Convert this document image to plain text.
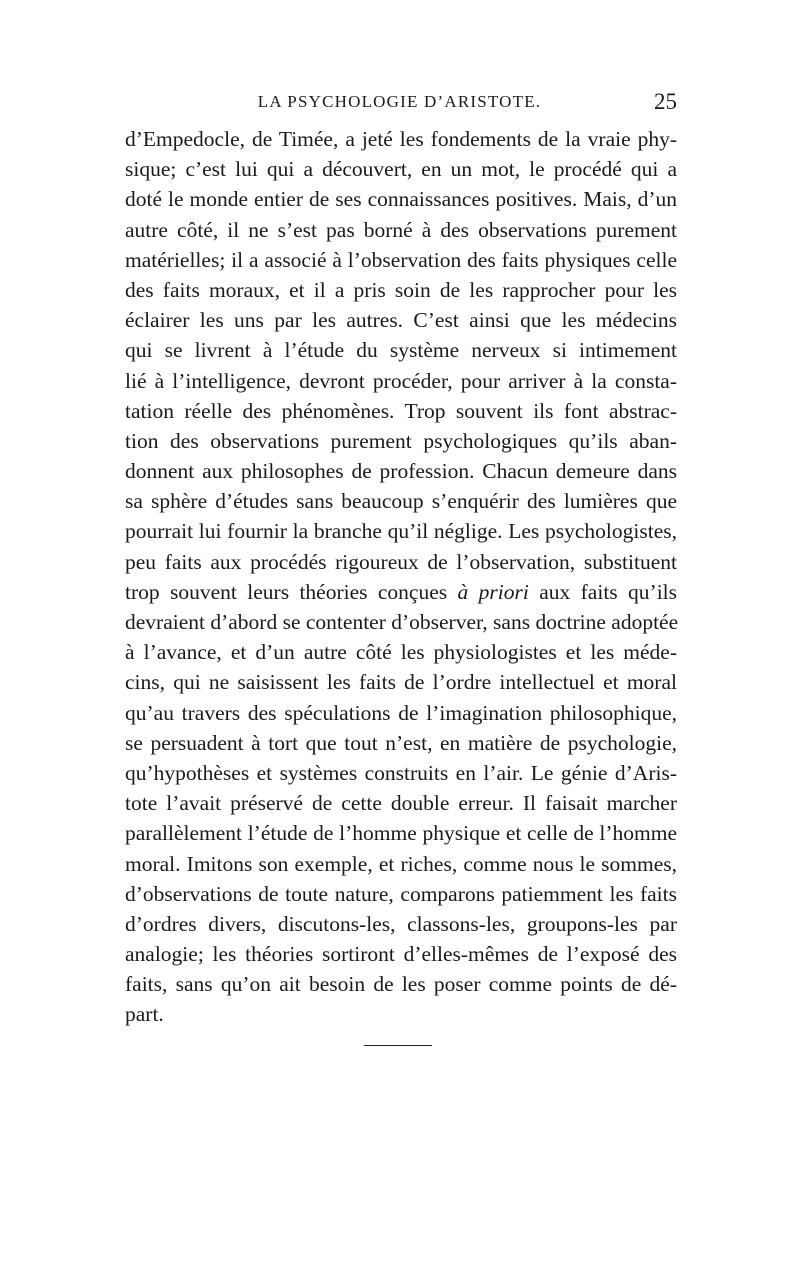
LA PSYCHOLOGIE D’ARISTOTE.	25
d’Empedocle, de Timée, a jeté les fondements de la vraie phy-
sique; c’est lui qui a découvert, en un mot, le procédé qui a
doté le monde entier de ses connaissances positives. Mais, d’un
autre côté, il ne s’est pas borné à des observations purement
matérielles; il a associé à l’observation des faits physiques celle
des faits moraux, et il a pris soin de les rapprocher pour les
éclairer les uns par les autres. C’est ainsi que les médecins
qui se livrent à l’étude du système nerveux si intimement
lié à l’intelligence, devront procéder, pour arriver à la consta-
tation réelle des phénomènes. Trop souvent ils font abstrac-
tion des observations purement psychologiques qu’ils aban-
donnent aux philosophes de profession. Chacun demeure dans
sa sphère d’études sans beaucoup s’enquérir des lumières que
pourrait lui fournir la branche qu’il néglige. Les psychologistes,
peu faits aux procédés rigoureux de l’observation, substituent
trop souvent leurs théories conçues à priori aux faits qu’ils
devraient d’abord se contenter d’observer, sans doctrine adoptée
à l’avance, et d’un autre côté les physiologistes et les méde-
cins, qui ne saisissent les faits de l’ordre intellectuel et moral
qu’au travers des spéculations de l’imagination philosophique,
se persuadent à tort que tout n’est, en matière de psychologie,
qu’hypothèses et systèmes construits en l’air. Le génie d’Aris-
tote l’avait préservé de cette double erreur. Il faisait marcher
parallèlement l’étude de l’homme physique et celle de l’homme
moral. Imitons son exemple, et riches, comme nous le sommes,
d’observations de toute nature, comparons patiemment les faits
d’ordres divers, discutons-les, classons-les, groupons-les par
analogie; les théories sortiront d’elles-mêmes de l’exposé des
faits, sans qu’on ait besoin de les poser comme points de dé-
part.
